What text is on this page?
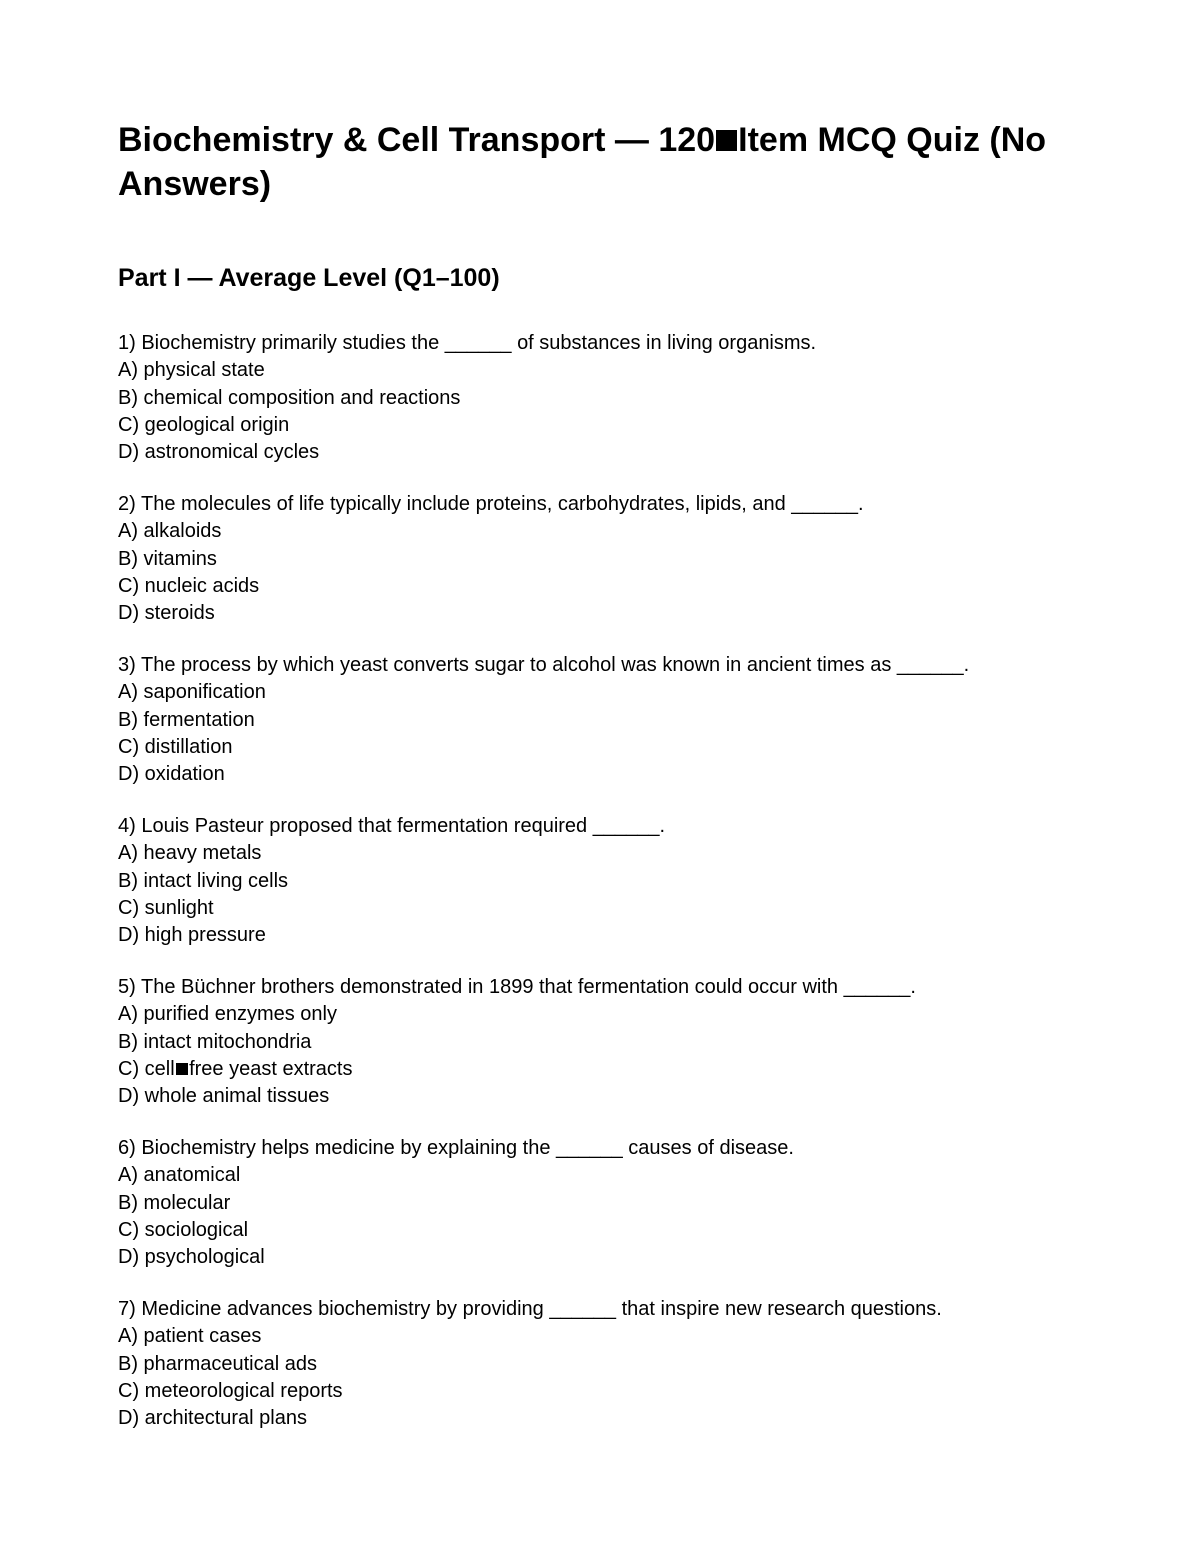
Biochemistry & Cell Transport — 120 Item MCQ Quiz (No Answers)
Part I — Average Level (Q1–100)
1) Biochemistry primarily studies the ______ of substances in living organisms.
A) physical state
B) chemical composition and reactions
C) geological origin
D) astronomical cycles
2) The molecules of life typically include proteins, carbohydrates, lipids, and ______.
A) alkaloids
B) vitamins
C) nucleic acids
D) steroids
3) The process by which yeast converts sugar to alcohol was known in ancient times as ______.
A) saponification
B) fermentation
C) distillation
D) oxidation
4) Louis Pasteur proposed that fermentation required ______.
A) heavy metals
B) intact living cells
C) sunlight
D) high pressure
5) The Büchner brothers demonstrated in 1899 that fermentation could occur with ______.
A) purified enzymes only
B) intact mitochondria
C) cell free yeast extracts
D) whole animal tissues
6) Biochemistry helps medicine by explaining the ______ causes of disease.
A) anatomical
B) molecular
C) sociological
D) psychological
7) Medicine advances biochemistry by providing ______ that inspire new research questions.
A) patient cases
B) pharmaceutical ads
C) meteorological reports
D) architectural plans
